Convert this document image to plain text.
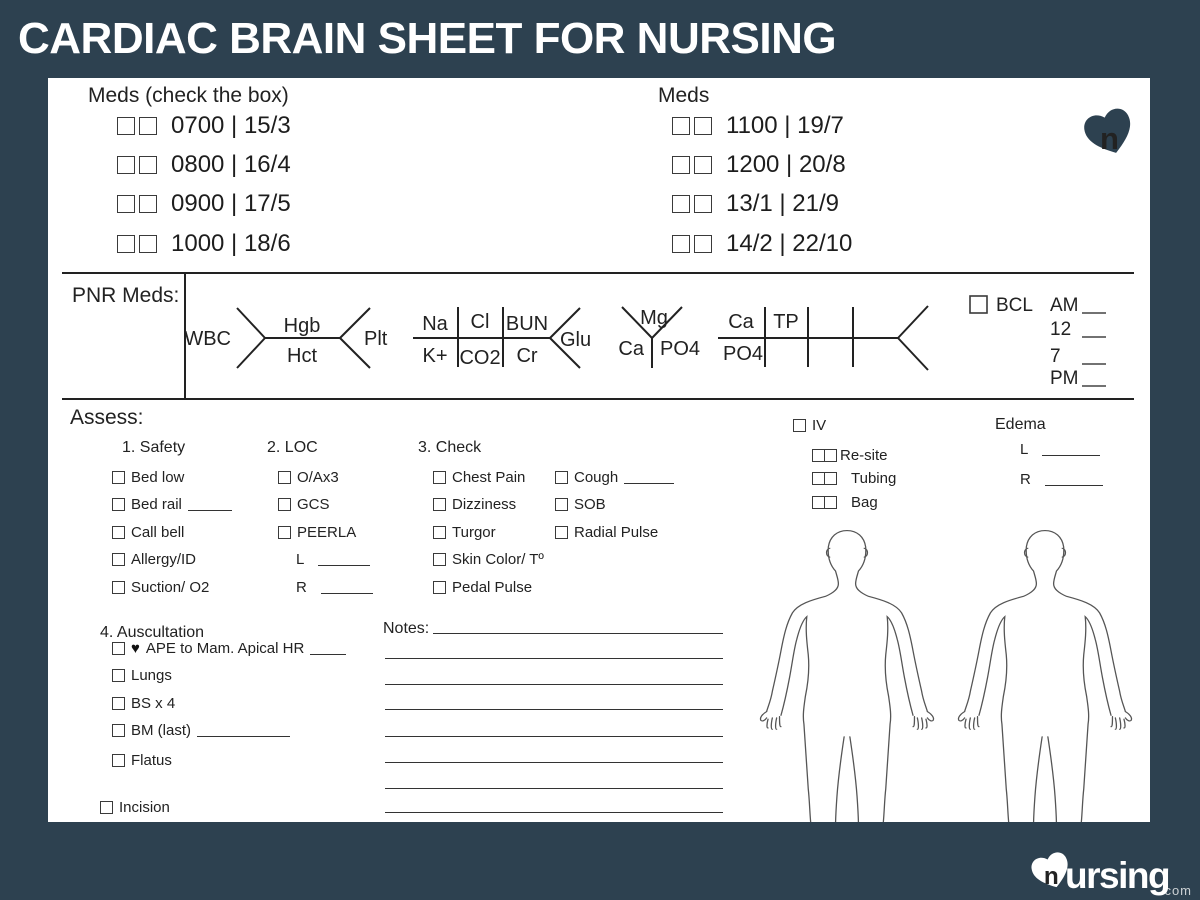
CARDIAC BRAIN SHEET FOR NURSING
Meds (check the box)
0700 | 15/3
0800 | 16/4
0900 | 17/5
1000 | 18/6
Meds
1100 | 19/7
1200 | 20/8
13/1 | 21/9
14/2 | 22/10
n
PNR Meds:
WBC
Hgb
Hct
Plt
Na Cl BUN
K+ CO2 Cr
Glu
Mg
Ca PO4
Ca TP
PO4
BCL AM
12
7
PM
Assess:
1. Safety
Bed low
Bed rail
Call bell
Allergy/ID
Suction/ O2
2. LOC
O/Ax3
GCS
PEERLA
L
R
3. Check
Chest Pain
Dizziness
Turgor
Skin Color/ Tº
Pedal Pulse
Cough
SOB
Radial Pulse
4. Auscultation
♥ APE to Mam. Apical HR
Lungs
BS x 4
BM (last)
Flatus
Incision
Notes:
IV
Re-site
Tubing
Bag
Edema
L
R
n ursing
.com
